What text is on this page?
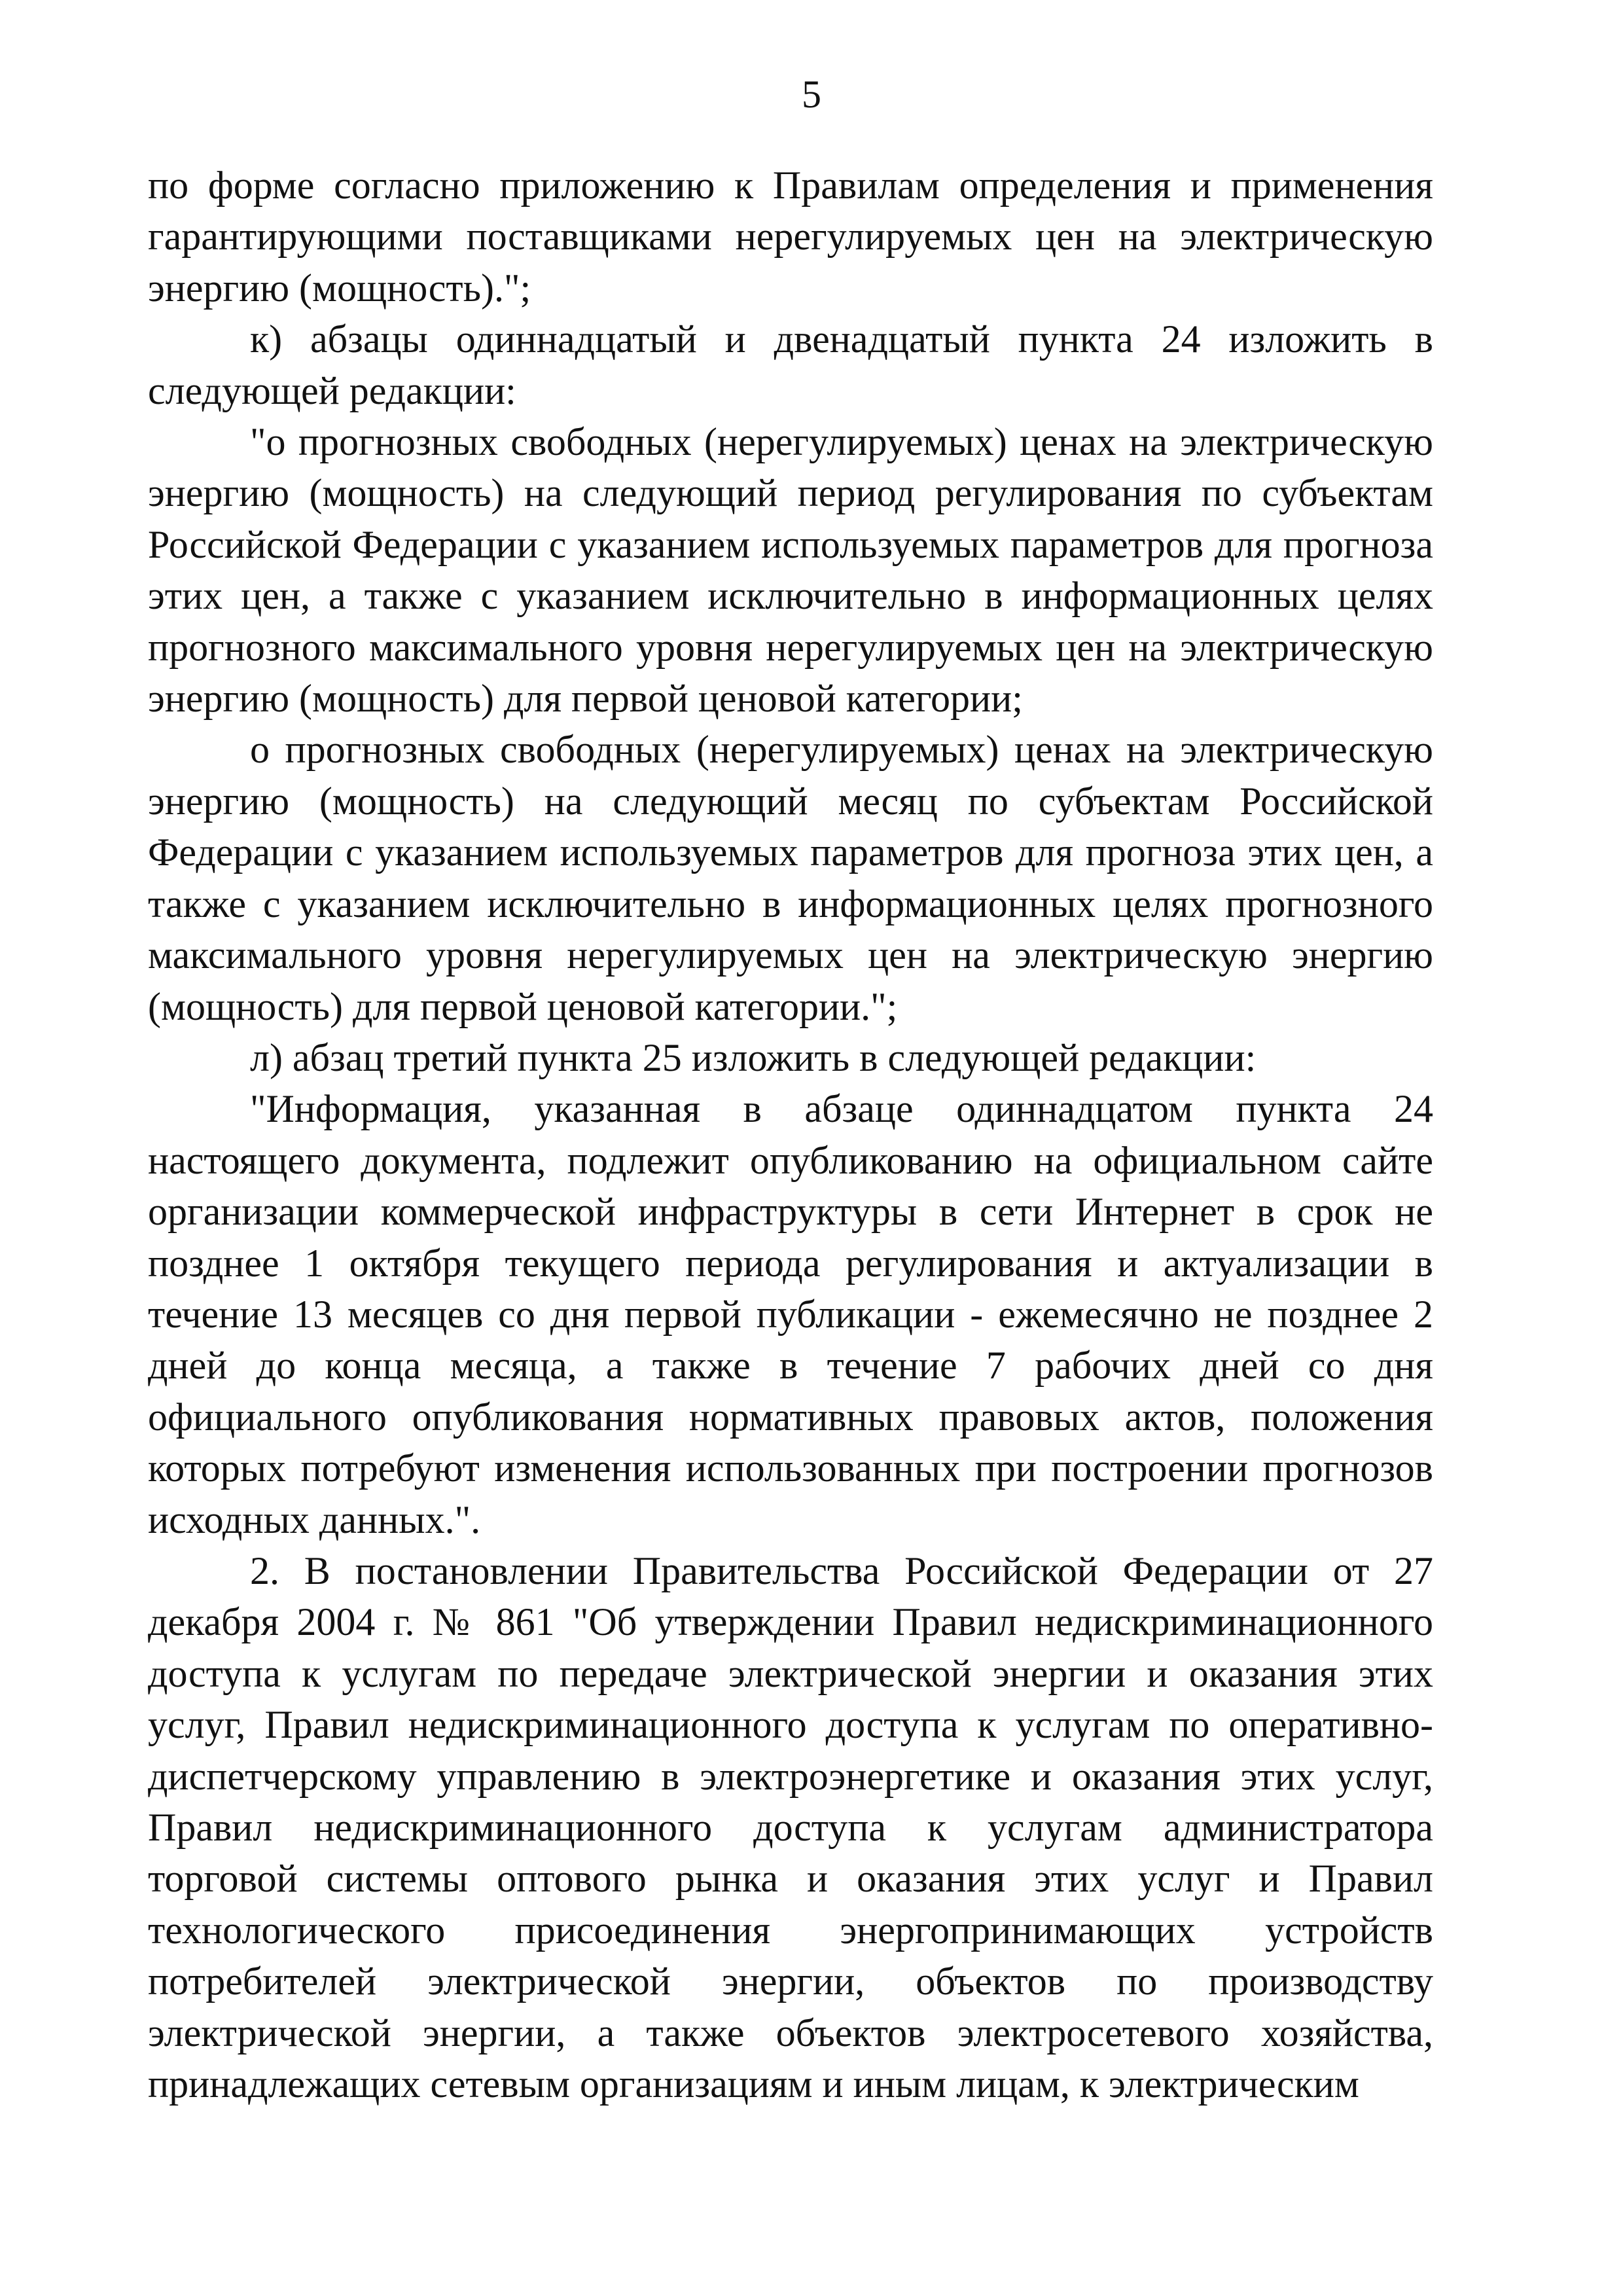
5

по форме согласно приложению к Правилам определения и применения гарантирующими поставщиками нерегулируемых цен на электрическую энергию (мощность).";

к) абзацы одиннадцатый и двенадцатый пункта 24 изложить в следующей редакции:

"о прогнозных свободных (нерегулируемых) ценах на электрическую энергию (мощность) на следующий период регулирования по субъектам Российской Федерации с указанием используемых параметров для прогноза этих цен, а также с указанием исключительно в информационных целях прогнозного максимального уровня нерегулируемых цен на электрическую энергию (мощность) для первой ценовой категории;

о прогнозных свободных (нерегулируемых) ценах на электрическую энергию (мощность) на следующий месяц по субъектам Российской Федерации с указанием используемых параметров для прогноза этих цен, а также с указанием исключительно в информационных целях прогнозного максимального уровня нерегулируемых цен на электрическую энергию (мощность) для первой ценовой категории.";

л) абзац третий пункта 25 изложить в следующей редакции:

"Информация, указанная в абзаце одиннадцатом пункта 24 настоящего документа, подлежит опубликованию на официальном сайте организации коммерческой инфраструктуры в сети Интернет в срок не позднее 1 октября текущего периода регулирования и актуализации в течение 13 месяцев со дня первой публикации - ежемесячно не позднее 2 дней до конца месяца, а также в течение 7 рабочих дней со дня официального опубликования нормативных правовых актов, положения которых потребуют изменения использованных при построении прогнозов исходных данных.".

2. В постановлении Правительства Российской Федерации от 27 декабря 2004 г. № 861 "Об утверждении Правил недискриминационного доступа к услугам по передаче электрической энергии и оказания этих услуг, Правил недискриминационного доступа к услугам по оперативно-диспетчерскому управлению в электроэнергетике и оказания этих услуг, Правил недискриминационного доступа к услугам администратора торговой системы оптового рынка и оказания этих услуг и Правил технологического присоединения энергопринимающих устройств потребителей электрической энергии, объектов по производству электрической энергии, а также объектов электросетевого хозяйства, принадлежащих сетевым организациям и иным лицам, к электрическим
